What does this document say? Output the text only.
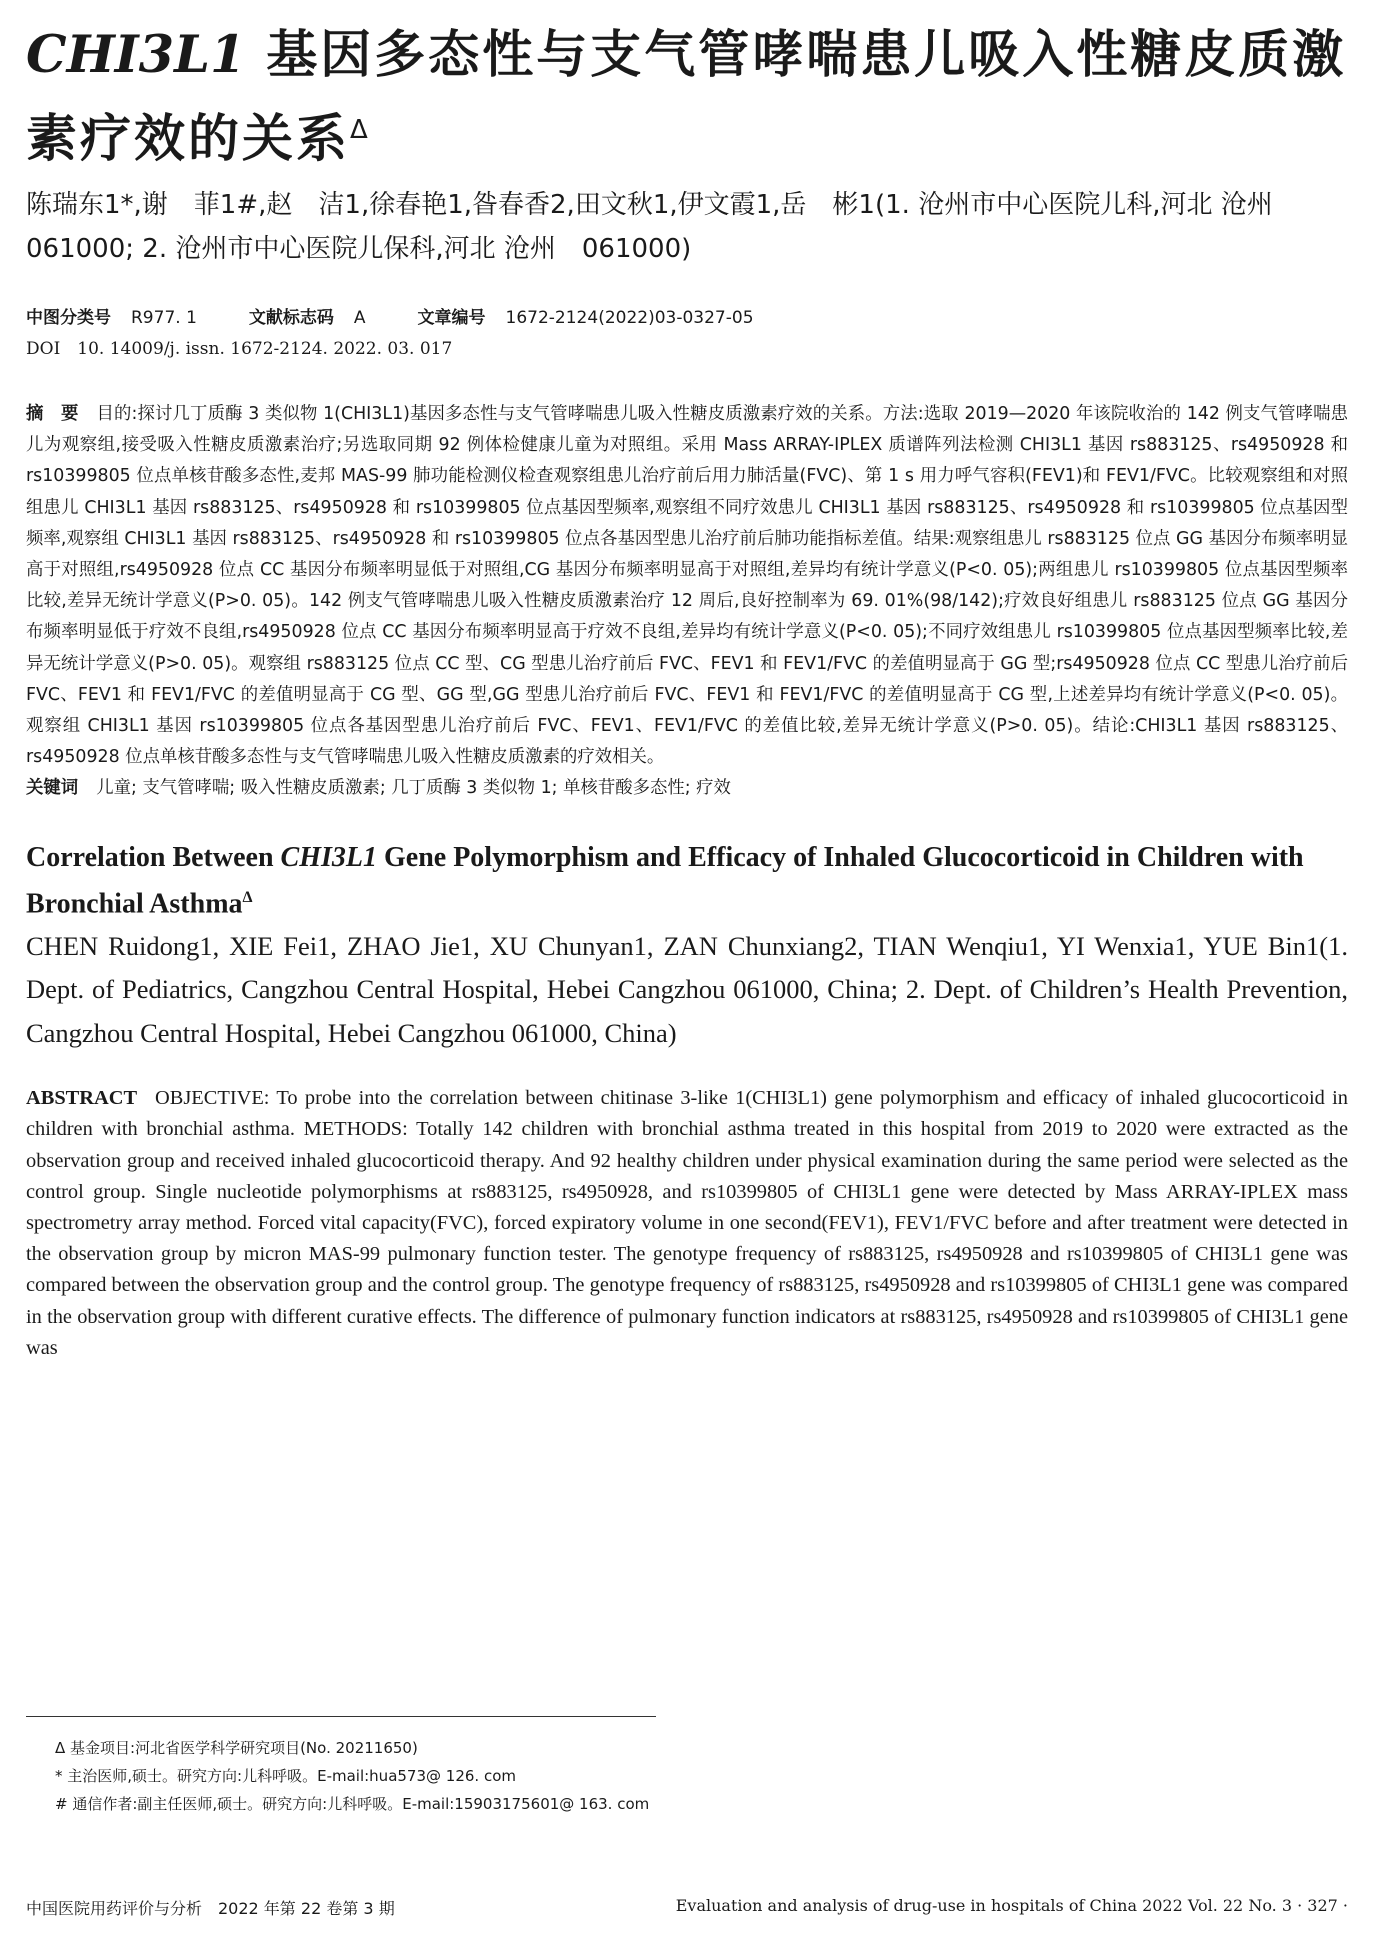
CHI3L1 基因多态性与支气管哮喘患儿吸入性糖皮质激素疗效的关系$^\Delta$
陈瑞东1*,谢　菲1#,赵　洁1,徐春艳1,昝春香2,田文秋1,伊文霞1,岳　彬1(1. 沧州市中心医院儿科,河北 沧州　061000; 2. 沧州市中心医院儿保科,河北 沧州　061000)
中图分类号 R977. 1	文献标志码 A	文章编号 1672-2124(2022)03-0327-05
DOI　 10. 14009/j. issn. 1672-2124. 2022. 03. 017
摘　要 目的:探讨几丁质酶 3 类似物 1(CHI3L1)基因多态性与支气管哮喘患儿吸入性糖皮质激素疗效的关系。方法:选取 2019—2020 年该院收治的 142 例支气管哮喘患儿为观察组,接受吸入性糖皮质激素治疗;另选取同期 92 例体检健康儿童为对照组。采用 Mass ARRAY-IPLEX 质谱阵列法检测 CHI3L1 基因 rs883125、rs4950928 和 rs10399805 位点单核苷酸多态性,麦邦 MAS-99 肺功能检测仪检查观察组患儿治疗前后用力肺活量(FVC)、第 1 s 用力呼气容积(FEV1)和 FEV1/FVC。比较观察组和对照组患儿 CHI3L1 基因 rs883125、rs4950928 和 rs10399805 位点基因型频率,观察组不同疗效患儿 CHI3L1 基因 rs883125、rs4950928 和 rs10399805 位点基因型频率,观察组 CHI3L1 基因 rs883125、rs4950928 和 rs10399805 位点各基因型患儿治疗前后肺功能指标差值。结果:观察组患儿 rs883125 位点 GG 基因分布频率明显高于对照组,rs4950928 位点 CC 基因分布频率明显低于对照组,CG 基因分布频率明显高于对照组,差异均有统计学意义(P<0. 05);两组患儿 rs10399805 位点基因型频率比较,差异无统计学意义(P>0. 05)。142 例支气管哮喘患儿吸入性糖皮质激素治疗 12 周后,良好控制率为 69. 01%(98/142);疗效良好组患儿 rs883125 位点 GG 基因分布频率明显低于疗效不良组,rs4950928 位点 CC 基因分布频率明显高于疗效不良组,差异均有统计学意义(P<0. 05);不同疗效组患儿 rs10399805 位点基因型频率比较,差异无统计学意义(P>0. 05)。观察组 rs883125 位点 CC 型、CG 型患儿治疗前后 FVC、FEV1 和 FEV1/FVC 的差值明显高于 GG 型;rs4950928 位点 CC 型患儿治疗前后 FVC、FEV1 和 FEV1/FVC 的差值明显高于 CG 型、GG 型,GG 型患儿治疗前后 FVC、FEV1 和 FEV1/FVC 的差值明显高于 CG 型,上述差异均有统计学意义(P<0. 05)。观察组 CHI3L1 基因 rs10399805 位点各基因型患儿治疗前后 FVC、FEV1、FEV1/FVC 的差值比较,差异无统计学意义(P>0. 05)。结论:CHI3L1 基因 rs883125、rs4950928 位点单核苷酸多态性与支气管哮喘患儿吸入性糖皮质激素的疗效相关。
关键词 儿童; 支气管哮喘; 吸入性糖皮质激素; 几丁质酶 3 类似物 1; 单核苷酸多态性; 疗效
Correlation Between CHI3L1 Gene Polymorphism and Efficacy of Inhaled Glucocorticoid in Children with Bronchial Asthma$^\Delta$
CHEN Ruidong1, XIE Fei1, ZHAO Jie1, XU Chunyan1, ZAN Chunxiang2, TIAN Wenqiu1, YI Wenxia1, YUE Bin1(1. Dept. of Pediatrics, Cangzhou Central Hospital, Hebei Cangzhou 061000, China; 2. Dept. of Children’s Health Prevention, Cangzhou Central Hospital, Hebei Cangzhou 061000, China)
ABSTRACT OBJECTIVE: To probe into the correlation between chitinase 3-like 1(CHI3L1) gene polymorphism and efficacy of inhaled glucocorticoid in children with bronchial asthma. METHODS: Totally 142 children with bronchial asthma treated in this hospital from 2019 to 2020 were extracted as the observation group and received inhaled glucocorticoid therapy. And 92 healthy children under physical examination during the same period were selected as the control group. Single nucleotide polymorphisms at rs883125, rs4950928, and rs10399805 of CHI3L1 gene were detected by Mass ARRAY-IPLEX mass spectrometry array method. Forced vital capacity(FVC), forced expiratory volume in one second(FEV1), FEV1/FVC before and after treatment were detected in the observation group by micron MAS-99 pulmonary function tester. The genotype frequency of rs883125, rs4950928 and rs10399805 of CHI3L1 gene was compared between the observation group and the control group. The genotype frequency of rs883125, rs4950928 and rs10399805 of CHI3L1 gene was compared in the observation group with different curative effects. The difference of pulmonary function indicators at rs883125, rs4950928 and rs10399805 of CHI3L1 gene was
Δ 基金项目:河北省医学科学研究项目(No. 20211650)
* 主治医师,硕士。研究方向:儿科呼吸。E-mail:hua573@ 126. com
# 通信作者:副主任医师,硕士。研究方向:儿科呼吸。E-mail:15903175601@ 163. com
中国医院用药评价与分析　2022 年第 22 卷第 3 期	Evaluation and analysis of drug-use in hospitals of China 2022 Vol. 22 No. 3 · 327 ·
